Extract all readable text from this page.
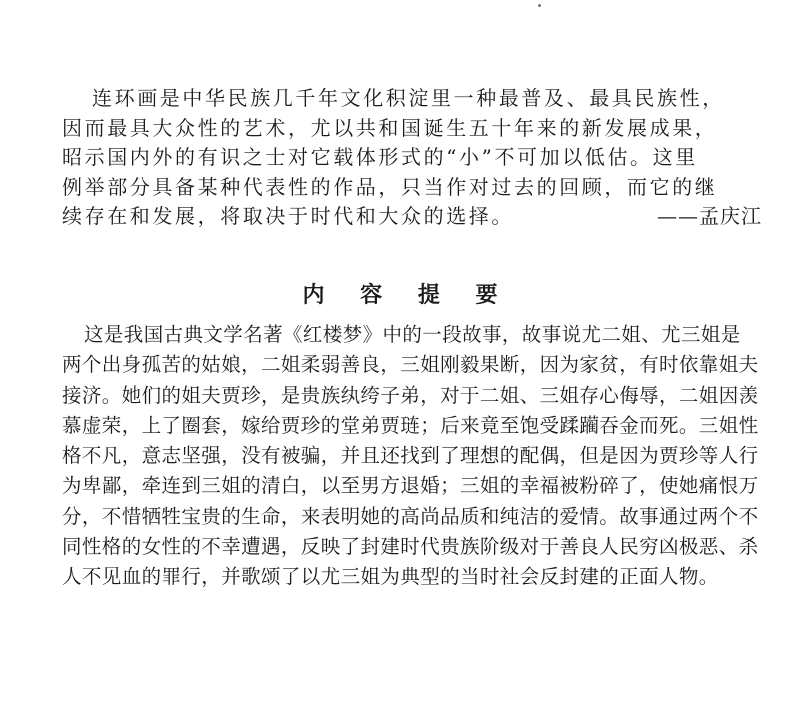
连环画是中华民族几千年文化积淀里一种最普及、最具民族性，
因而最具大众性的艺术，尤以共和国诞生五十年来的新发展成果，
昭示国内外的有识之士对它载体形式的“小”不可加以低估。这里
例举部分具备某种代表性的作品，只当作对过去的回顾，而它的继
续存在和发展，将取决于时代和大众的选择。	——孟庆江
内 容 提 要
这是我国古典文学名著《红楼梦》中的一段故事，故事说尤二姐、尤三姐是
两个出身孤苦的姑娘，二姐柔弱善良，三姐刚毅果断，因为家贫，有时依靠姐夫
接济。她们的姐夫贾珍，是贵族纨绔子弟，对于二姐、三姐存心侮辱，二姐因羡
慕虚荣，上了圈套，嫁给贾珍的堂弟贾琏；后来竟至饱受蹂躏吞金而死。三姐性
格不凡，意志坚强，没有被骗，并且还找到了理想的配偶，但是因为贾珍等人行
为卑鄙，牵连到三姐的清白，以至男方退婚；三姐的幸福被粉碎了，使她痛恨万
分，不惜牺牲宝贵的生命，来表明她的高尚品质和纯洁的爱情。故事通过两个不
同性格的女性的不幸遭遇，反映了封建时代贵族阶级对于善良人民穷凶极恶、杀
人不见血的罪行，并歌颂了以尤三姐为典型的当时社会反封建的正面人物。
